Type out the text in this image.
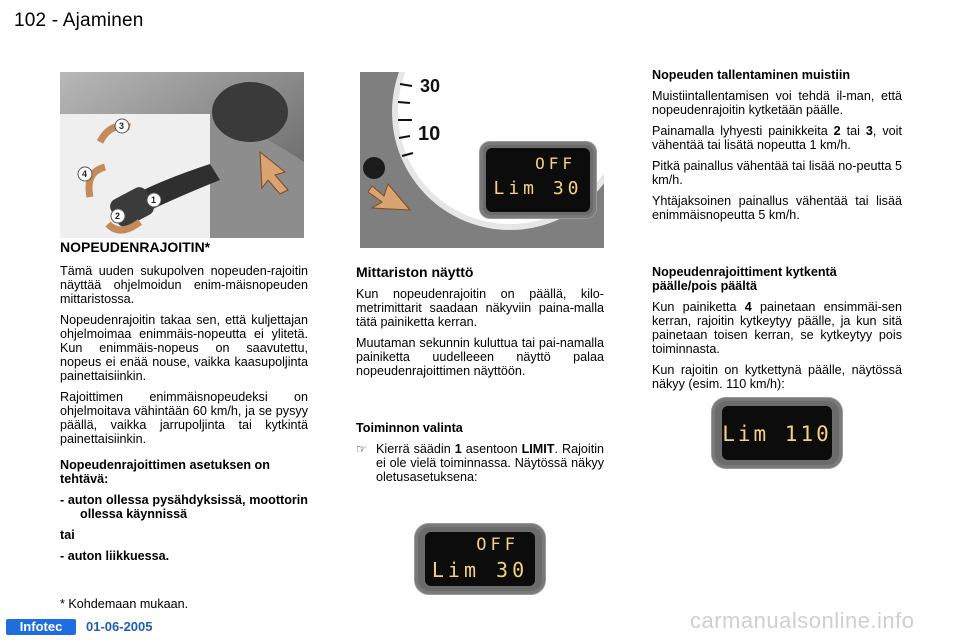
102 - Ajaminen
3
4
2
1
30
10
OFF
Lim 30
NOPEUDENRAJOITIN*

Tämä uuden sukupolven nopeuden-rajoitin näyttää ohjelmoidun enim-mäisnopeuden mittaristossa.

Nopeudenrajoitin takaa sen, että kuljettajan ohjelmoimaa enimmäis-nopeutta ei ylitetä. Kun enimmäis-nopeus on saavutettu, nopeus ei enää nouse, vaikka kaasupoljinta painettaisiinkin.

Rajoittimen enimmäisnopeudeksi on ohjelmoitava vähintään 60 km/h, ja se pysyy päällä, vaikka jarrupoljinta tai kytkintä painettaisiinkin.

Nopeudenrajoittimen asetuksen on tehtävä:

- auton ollessa pysähdyksissä, moottorin ollessa käynnissä

tai

- auton liikkuessa.

* Kohdemaan mukaan.
Mittariston näyttö

Kun nopeudenrajoitin on päällä, kilo-metrimittarit saadaan näkyviin paina-malla tätä painiketta kerran.

Muutaman sekunnin kuluttua tai pai-namalla painiketta uudelleeen näyttö palaa nopeudenrajoittimen näyttöön.

Toiminnon valinta
☞ Kierrä säädin 1 asentoon LIMIT. Rajoitin ei ole vielä toiminnassa. Näytössä näkyy oletusasetuksena:
OFF
Lim 30
Nopeuden tallentaminen muistiin

Muistiintallentamisen voi tehdä il-man, että nopeudenrajoitin kytketään päälle.

Painamalla lyhyesti painikkeita 2 tai 3, voit vähentää tai lisätä nopeutta 1 km/h.

Pitkä painallus vähentää tai lisää no-peutta 5 km/h.

Yhtäjaksoinen painallus vähentää tai lisää enimmäisnopeutta 5 km/h.

Nopeudenrajoittiment kytkentä päälle/pois päältä

Kun painiketta 4 painetaan ensimmäi-sen kerran, rajoitin kytkeytyy päälle, ja kun sitä painetaan toisen kerran, se kytkeytyy pois toiminnasta.

Kun rajoitin on kytkettynä päälle, näytössä näkyy (esim. 110 km/h):

Lim 110
Infotec	01-06-2005	carmanualsonline.info
